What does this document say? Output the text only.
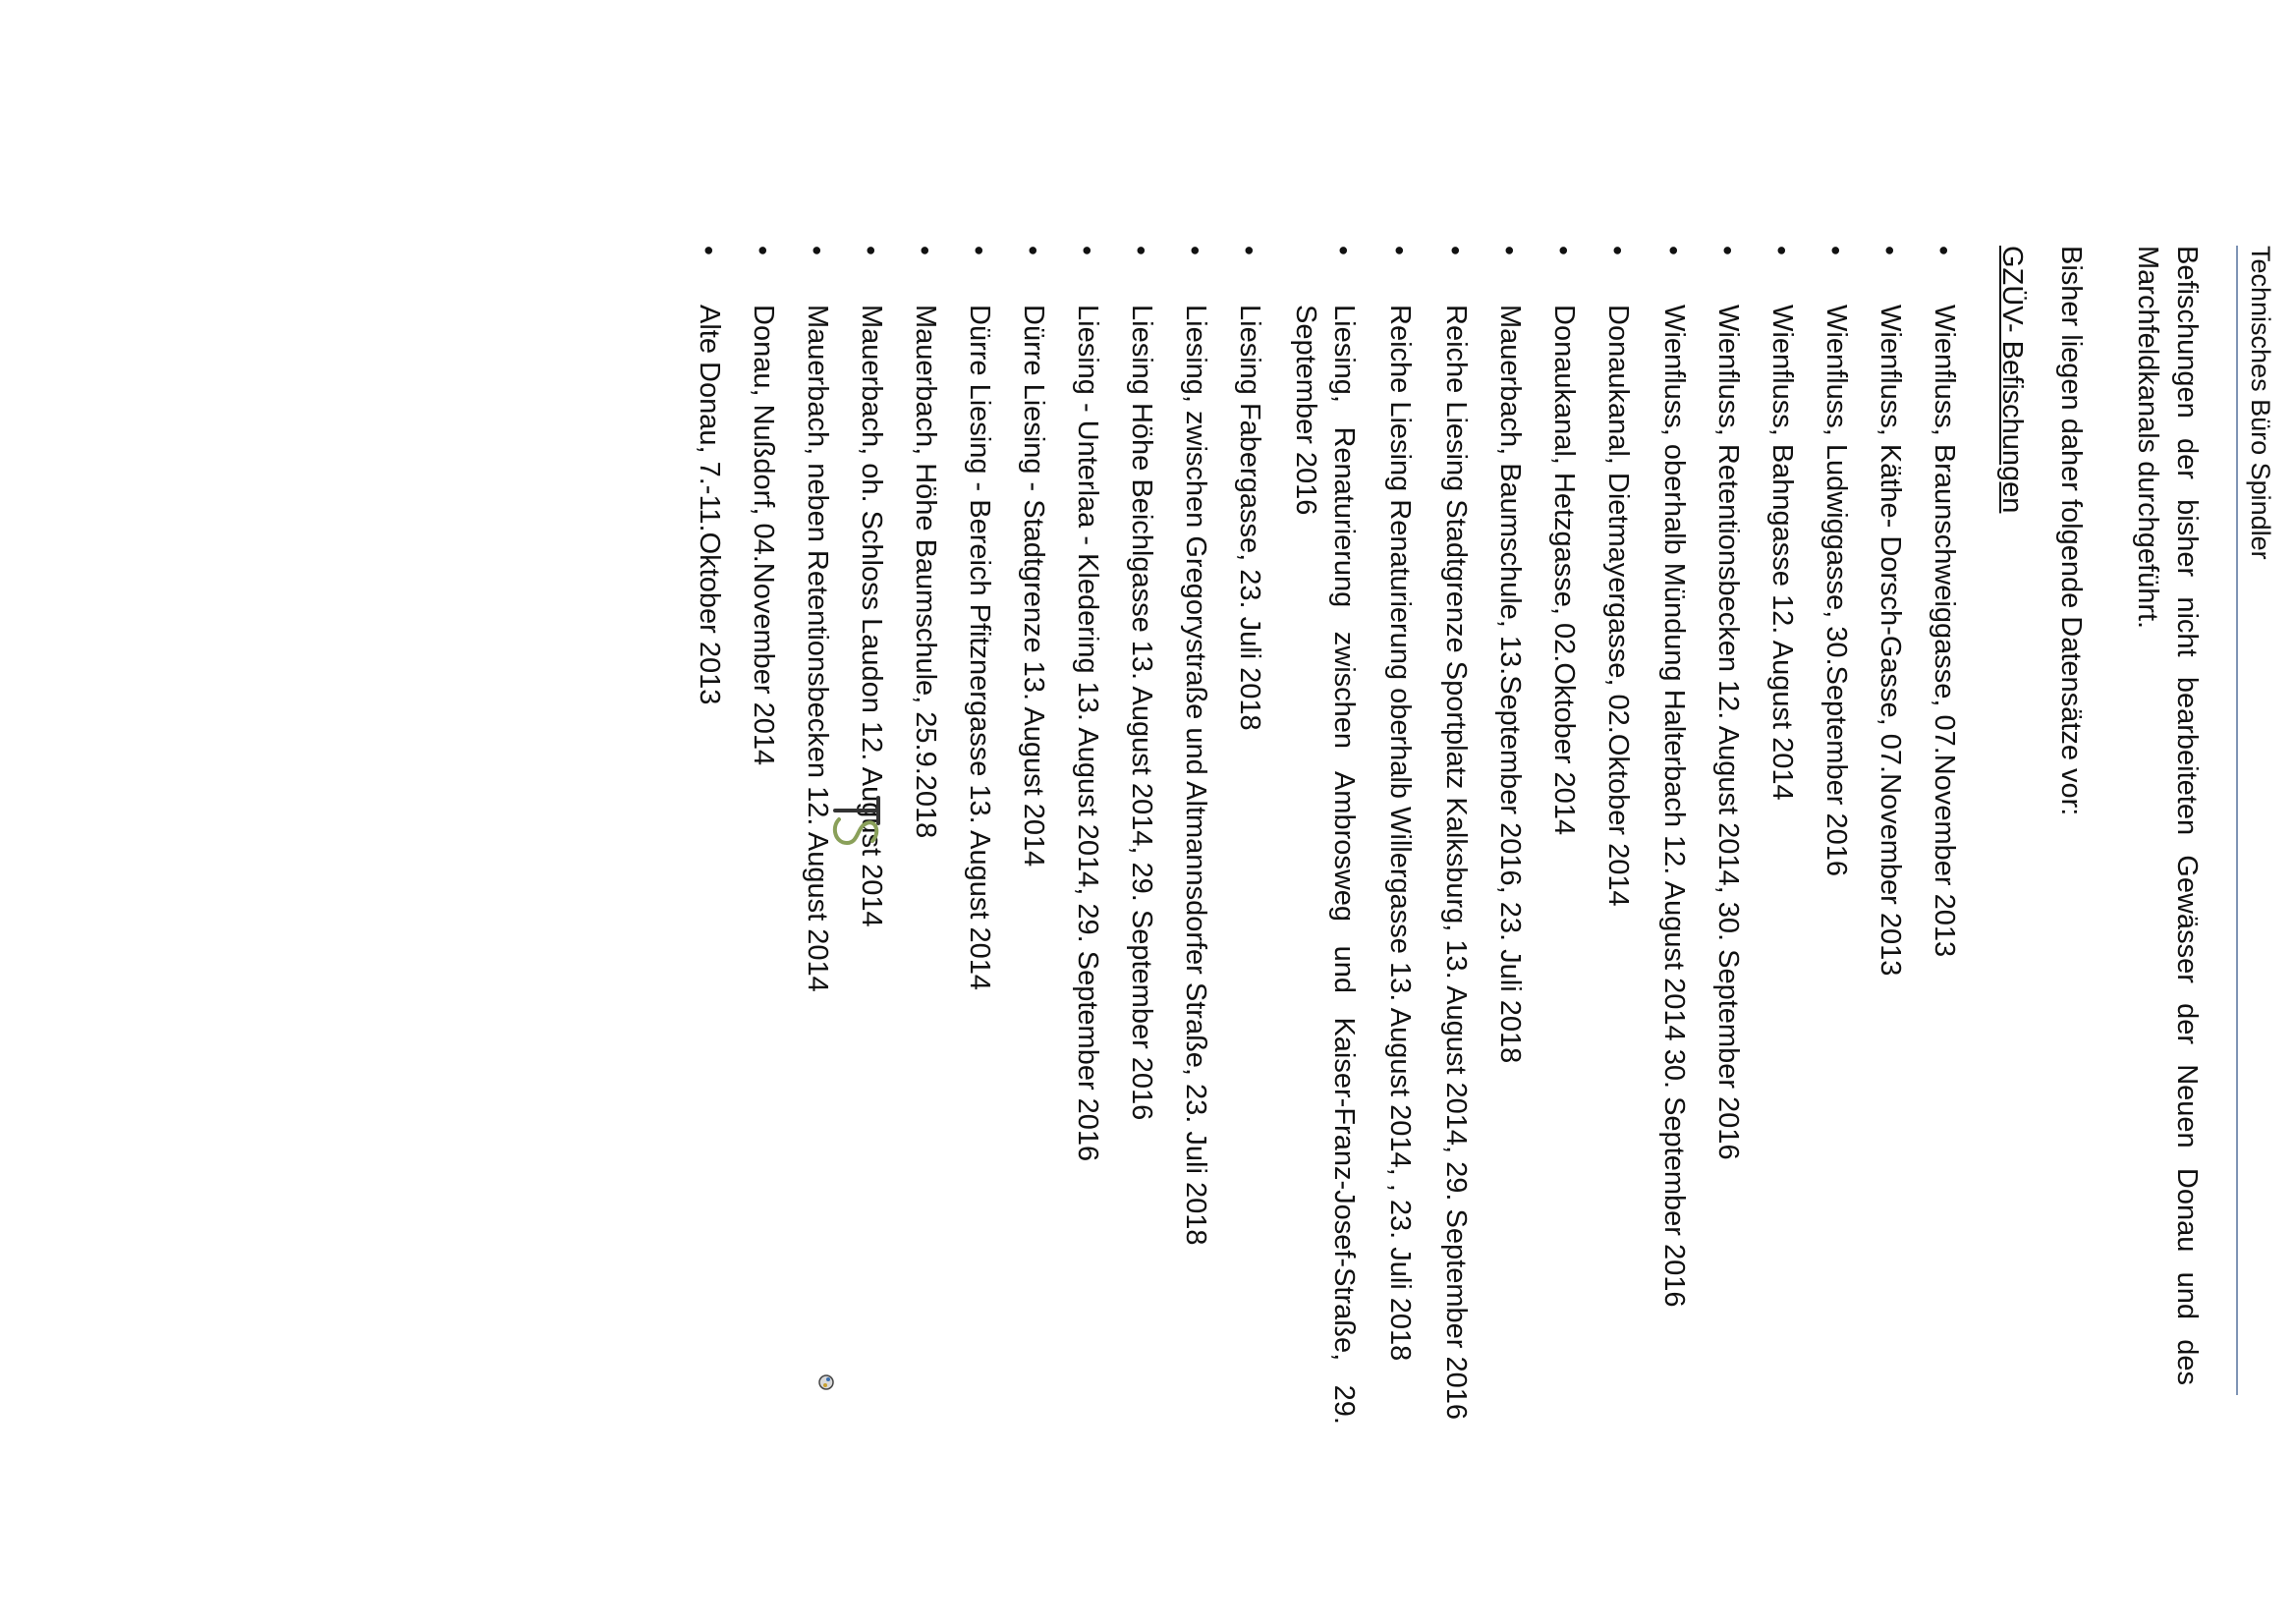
Technisches Büro Spindler
Befischungen der bisher nicht bearbeiteten Gewässer der Neuen Donau und des Marchfeldkanals durchgeführt.
Bisher liegen daher folgende Datensätze vor:
GZÜV- Befischungen
• Wienfluss, Braunschweiggasse, 07.November 2013
• Wienfluss, Käthe- Dorsch-Gasse, 07.November 2013
• Wienfluss, Ludwiggasse, 30.September 2016
• Wienfluss, Bahngasse 12. August 2014
• Wienfluss, Retentionsbecken 12. August 2014, 30. September 2016
• Wienfluss, oberhalb Mündung Halterbach 12. August 2014 30. September 2016
• Donaukanal, Dietmayergasse, 02.Oktober 2014
• Donaukanal, Hetzgasse, 02.Oktober 2014
• Mauerbach, Baumschule, 13.September 2016, 23. Juli 2018
• Reiche Liesing Stadtgrenze Sportplatz Kalksburg, 13. August 2014, 29. September 2016
• Reiche Liesing Renaturierung oberhalb Willergasse 13. August 2014, , 23. Juli 2018
• Liesing, Renaturierung zwischen Ambrosweg und Kaiser-Franz-Josef-Straße, 29. September 2016
• Liesing Fabergasse, 23. Juli 2018
• Liesing, zwischen Gregorystraße und Altmannsdorfer Straße, 23. Juli 2018
• Liesing Höhe Beichlgasse 13. August 2014, 29. September 2016
• Liesing - Unterlaa - Kledering 13. August 2014, 29. September 2016
• Dürre Liesing - Stadtgrenze 13. August 2014
• Dürre Liesing - Bereich Pfitznergasse 13. August 2014
• Mauerbach, Höhe Baumschule, 25.9.2018
• Mauerbach, oh. Schloss Laudon 12. August 2014
• Mauerbach, neben Retentionsbecken 12. August 2014
• Donau, Nußdorf, 04.November 2014
• Alte Donau, 7.-11.Oktober 2013
